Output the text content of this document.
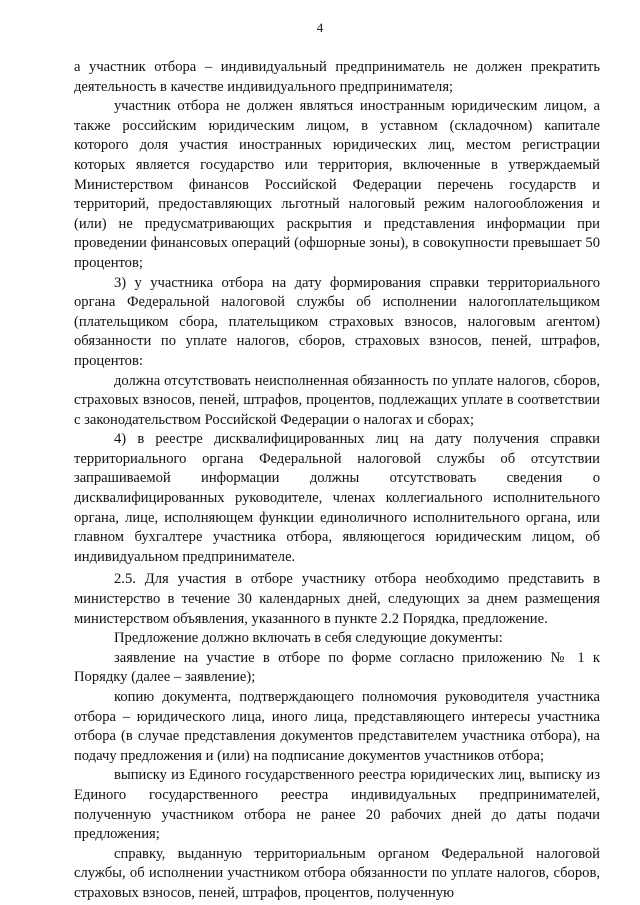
4

а участник отбора – индивидуальный предприниматель не должен прекратить деятельность в качестве индивидуального предпринимателя;

участник отбора не должен являться иностранным юридическим лицом, а также российским юридическим лицом, в уставном (складочном) капитале которого доля участия иностранных юридических лиц, местом регистрации которых является государство или территория, включенные в утверждаемый Министерством финансов Российской Федерации перечень государств и территорий, предоставляющих льготный налоговый режим налогообложения и (или) не предусматривающих раскрытия и представления информации при проведении финансовых операций (офшорные зоны), в совокупности превышает 50 процентов;

3) у участника отбора на дату формирования справки территориального органа Федеральной налоговой службы об исполнении налогоплательщиком (плательщиком сбора, плательщиком страховых взносов, налоговым агентом) обязанности по уплате налогов, сборов, страховых взносов, пеней, штрафов, процентов:

должна отсутствовать неисполненная обязанность по уплате налогов, сборов, страховых взносов, пеней, штрафов, процентов, подлежащих уплате в соответствии с законодательством Российской Федерации о налогах и сборах;

4) в реестре дисквалифицированных лиц на дату получения справки территориального органа Федеральной налоговой службы об отсутствии запрашиваемой информации должны отсутствовать сведения о дисквалифицированных руководителе, членах коллегиального исполнительного органа, лице, исполняющем функции единоличного исполнительного органа, или главном бухгалтере участника отбора, являющегося юридическим лицом, об индивидуальном предпринимателе.

2.5. Для участия в отборе участнику отбора необходимо представить в министерство в течение 30 календарных дней, следующих за днем размещения министерством объявления, указанного в пункте 2.2 Порядка, предложение.

Предложение должно включать в себя следующие документы:

заявление на участие в отборе по форме согласно приложению № 1 к Порядку (далее – заявление);

копию документа, подтверждающего полномочия руководителя участника отбора – юридического лица, иного лица, представляющего интересы участника отбора (в случае представления документов представителем участника отбора), на подачу предложения и (или) на подписание документов участников отбора;

выписку из Единого государственного реестра юридических лиц, выписку из Единого государственного реестра индивидуальных предпринимателей, полученную участником отбора не ранее 20 рабочих дней до даты подачи предложения;

справку, выданную территориальным органом Федеральной налоговой службы, об исполнении участником отбора обязанности по уплате налогов, сборов, страховых взносов, пеней, штрафов, процентов, полученную
